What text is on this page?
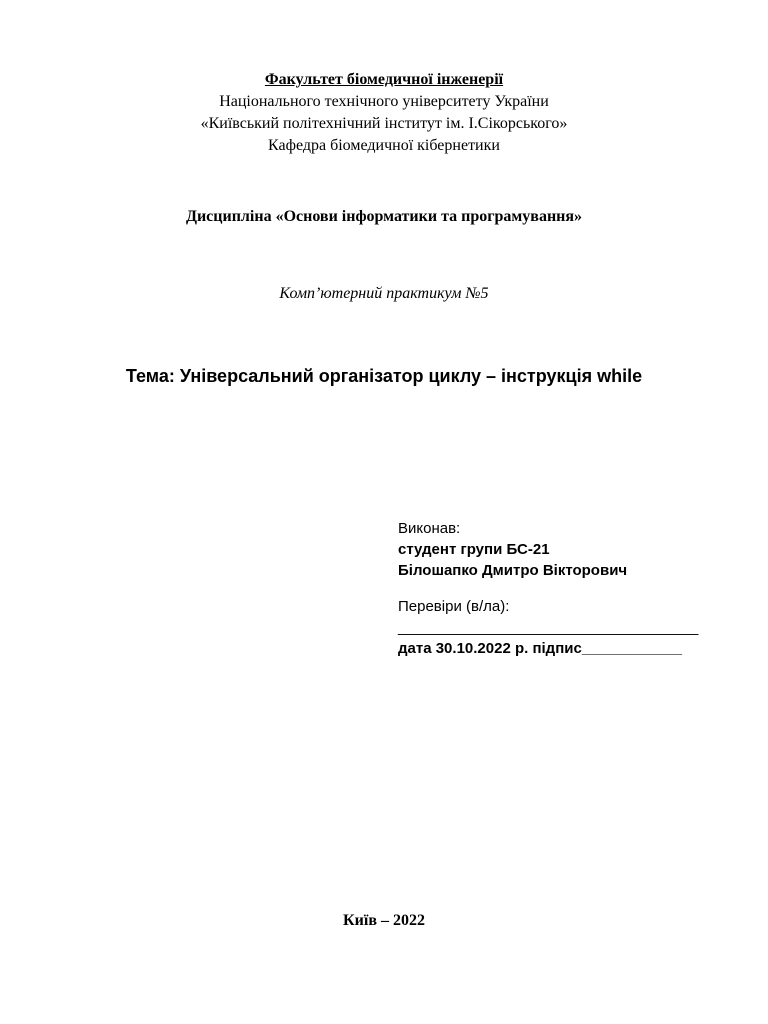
Факультет біомедичної інженерії
Національного технічного університету України
«Київський політехнічний інститут ім. І.Сікорського»
Кафедра біомедичної кібернетики
Дисципліна «Основи інформатики та програмування»
Комп’ютерний практикум №5
Тема: Універсальний організатор циклу – інструкція while
Виконав:
студент групи БС-21
Білошапко Дмитро Вікторович
Перевіри (в/ла):
____________________________________
дата 30.10.2022 р. підпис____________
Київ – 2022
